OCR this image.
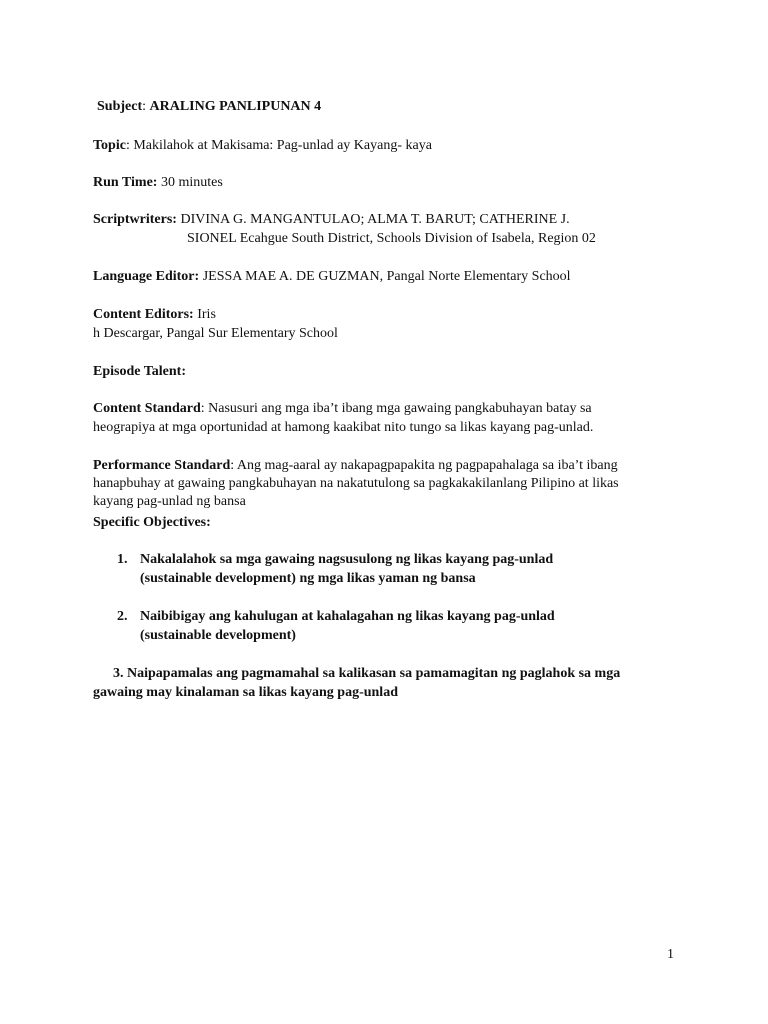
Subject: ARALING PANLIPUNAN 4
Topic: Makilahok at Makisama: Pag-unlad ay Kayang- kaya
Run Time: 30 minutes
Scriptwriters: DIVINA G. MANGANTULAO; ALMA T. BARUT; CATHERINE J.
SIONEL Ecahgue South District, Schools Division of Isabela, Region 02
Language Editor: JESSA MAE A. DE GUZMAN, Pangal Norte Elementary School
Content Editors: Iris
h Descargar, Pangal Sur Elementary School
Episode Talent:
Content Standard: Nasusuri ang mga iba’t ibang mga gawaing pangkabuhayan batay sa
heograpiya at mga oportunidad at hamong kaakibat nito tungo sa likas kayang pag-unlad.
Performance Standard: Ang mag-aaral ay nakapagpapakita ng pagpapahalaga sa iba’t ibang
hanapbuhay at gawaing pangkabuhayan na nakatutulong sa pagkakakilanlang Pilipino at likas
kayang pag-unlad ng bansa
Specific Objectives:
1. Nakalalahok sa mga gawaing nagsusulong ng likas kayang pag-unlad
(sustainable development) ng mga likas yaman ng bansa
2. Naibibigay ang kahulugan at kahalagahan ng likas kayang pag-unlad
(sustainable development)
3. Naipapamalas ang pagmamahal sa kalikasan sa pamamagitan ng paglahok sa mga
gawaing may kinalaman sa likas kayang pag-unlad
1
